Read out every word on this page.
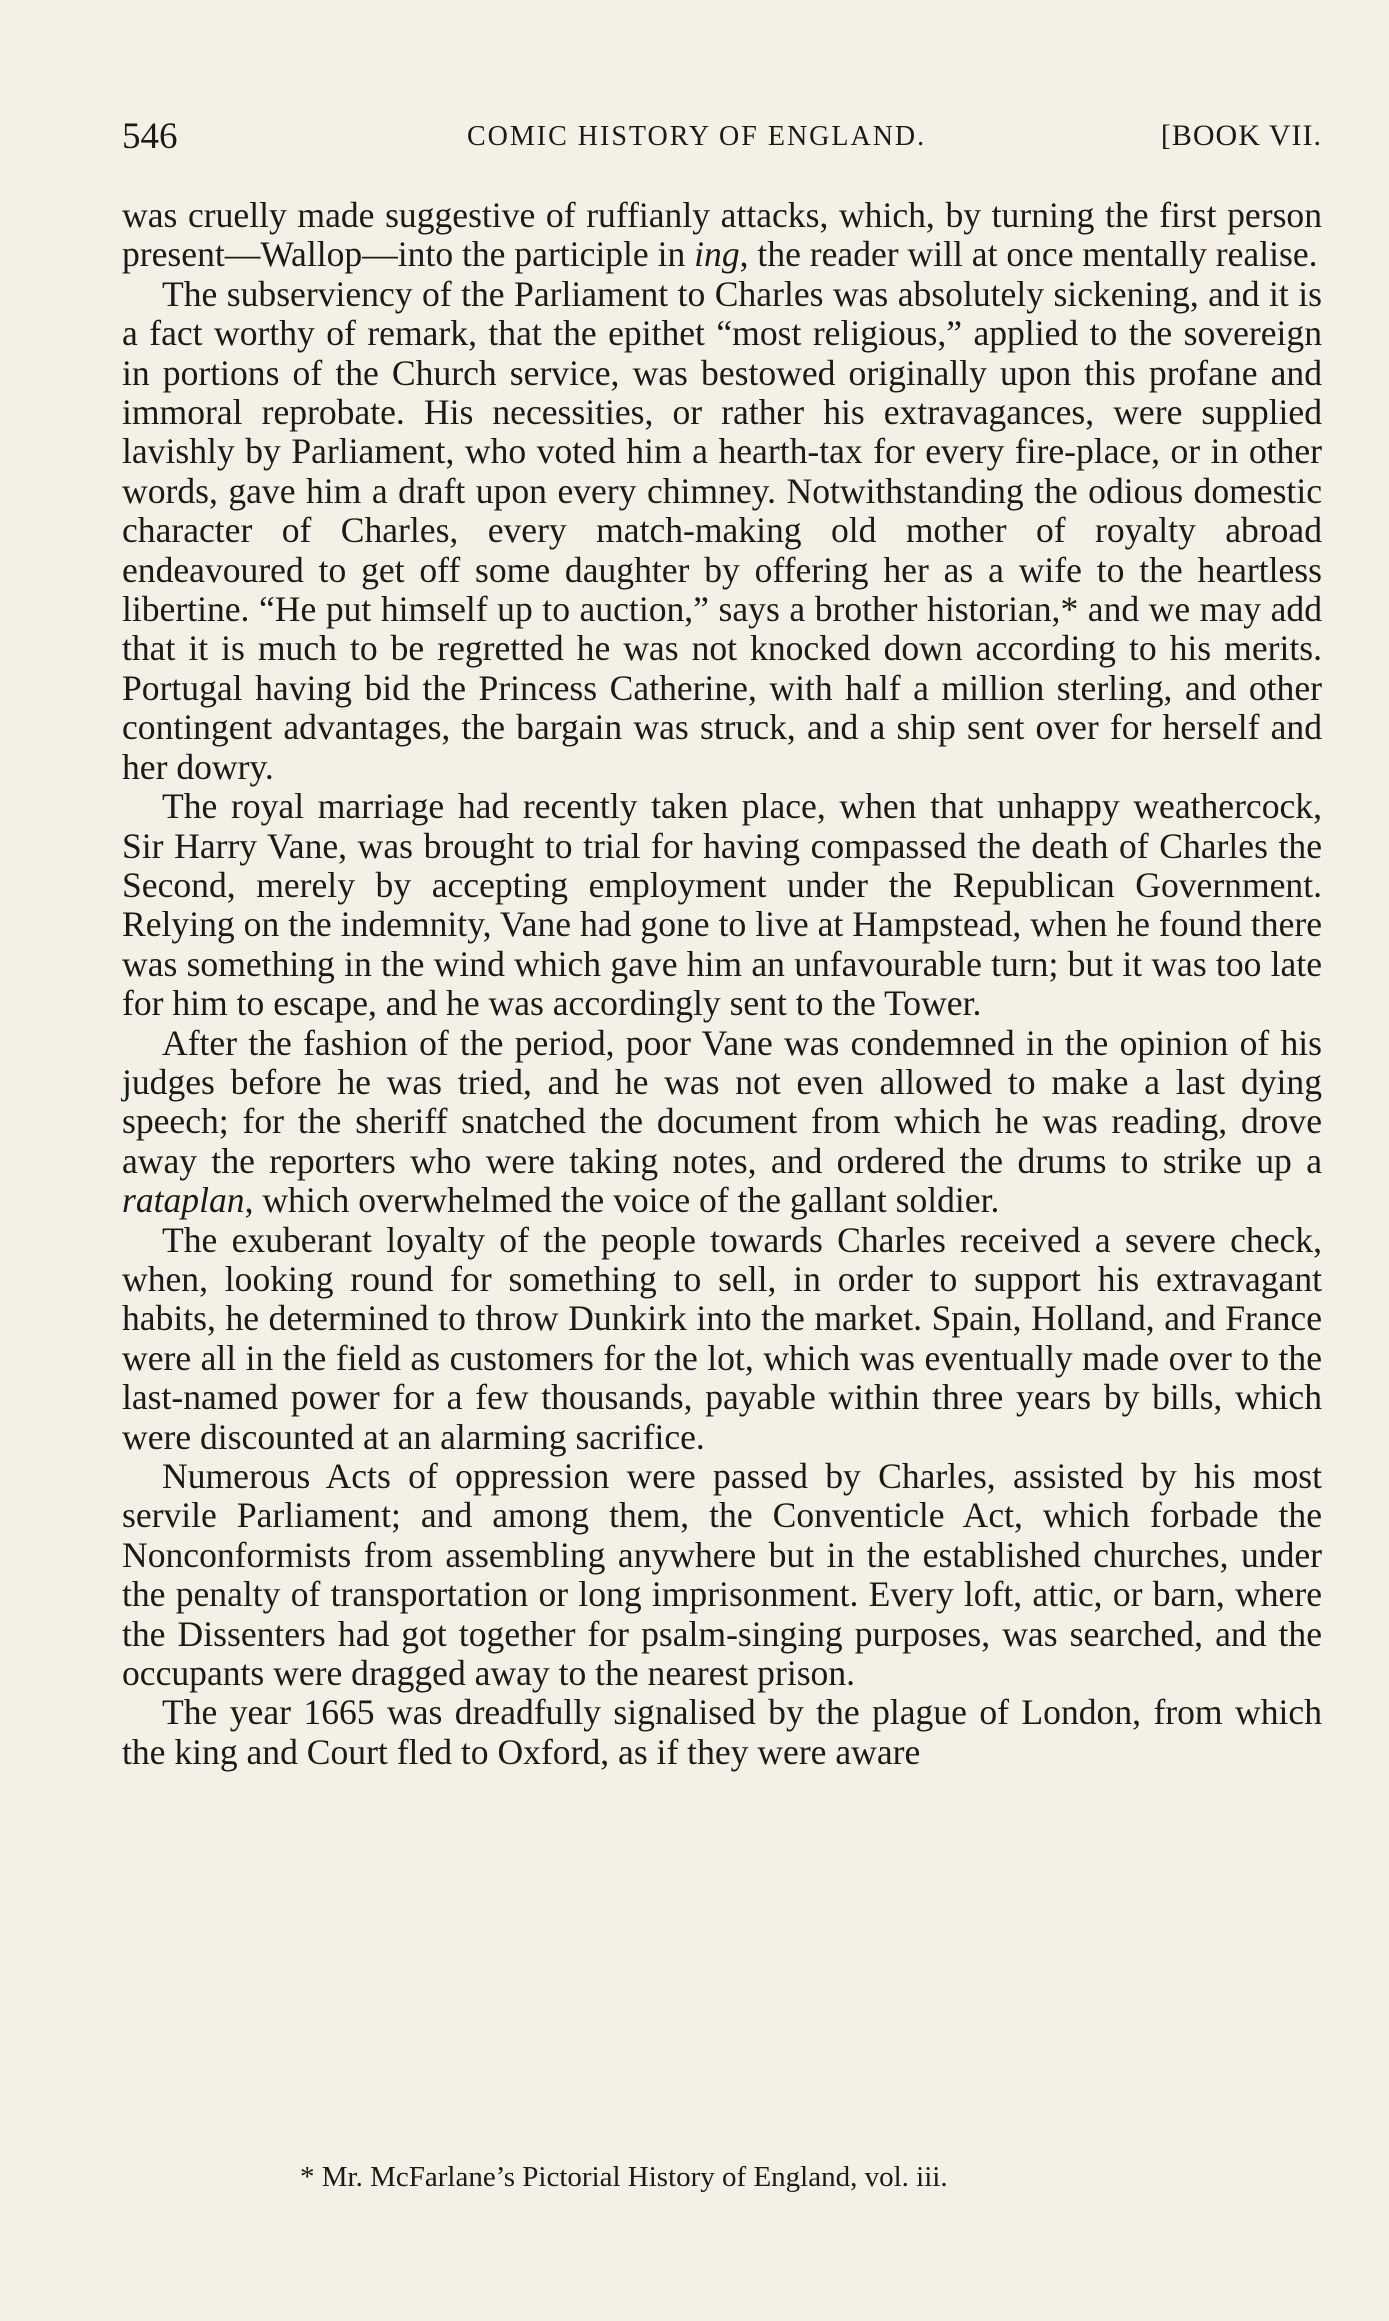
546	COMIC HISTORY OF ENGLAND.	[BOOK VII.

was cruelly made suggestive of ruffianly attacks, which, by turning the first person present—Wallop—into the participle in ing, the reader will at once mentally realise.

The subserviency of the Parliament to Charles was absolutely sickening, and it is a fact worthy of remark, that the epithet “most religious,” applied to the sovereign in portions of the Church service, was bestowed originally upon this profane and immoral reprobate. His necessities, or rather his extravagances, were supplied lavishly by Parliament, who voted him a hearth-tax for every fire-place, or in other words, gave him a draft upon every chimney. Notwithstanding the odious domestic character of Charles, every match-making old mother of royalty abroad endeavoured to get off some daughter by offering her as a wife to the heartless libertine. “He put himself up to auction,” says a brother historian,* and we may add that it is much to be regretted he was not knocked down according to his merits. Portugal having bid the Princess Catherine, with half a million sterling, and other contingent advantages, the bargain was struck, and a ship sent over for herself and her dowry.

The royal marriage had recently taken place, when that unhappy weathercock, Sir Harry Vane, was brought to trial for having compassed the death of Charles the Second, merely by accepting employment under the Republican Government. Relying on the indemnity, Vane had gone to live at Hampstead, when he found there was something in the wind which gave him an unfavourable turn; but it was too late for him to escape, and he was accordingly sent to the Tower.

After the fashion of the period, poor Vane was condemned in the opinion of his judges before he was tried, and he was not even allowed to make a last dying speech; for the sheriff snatched the document from which he was reading, drove away the reporters who were taking notes, and ordered the drums to strike up a rataplan, which overwhelmed the voice of the gallant soldier.

The exuberant loyalty of the people towards Charles received a severe check, when, looking round for something to sell, in order to support his extravagant habits, he determined to throw Dunkirk into the market. Spain, Holland, and France were all in the field as customers for the lot, which was eventually made over to the last-named power for a few thousands, payable within three years by bills, which were discounted at an alarming sacrifice.

Numerous Acts of oppression were passed by Charles, assisted by his most servile Parliament; and among them, the Conventicle Act, which forbade the Nonconformists from assembling anywhere but in the established churches, under the penalty of transportation or long imprisonment. Every loft, attic, or barn, where the Dissenters had got together for psalm-singing purposes, was searched, and the occupants were dragged away to the nearest prison.

The year 1665 was dreadfully signalised by the plague of London, from which the king and Court fled to Oxford, as if they were aware

* Mr. McFarlane’s Pictorial History of England, vol. iii.
